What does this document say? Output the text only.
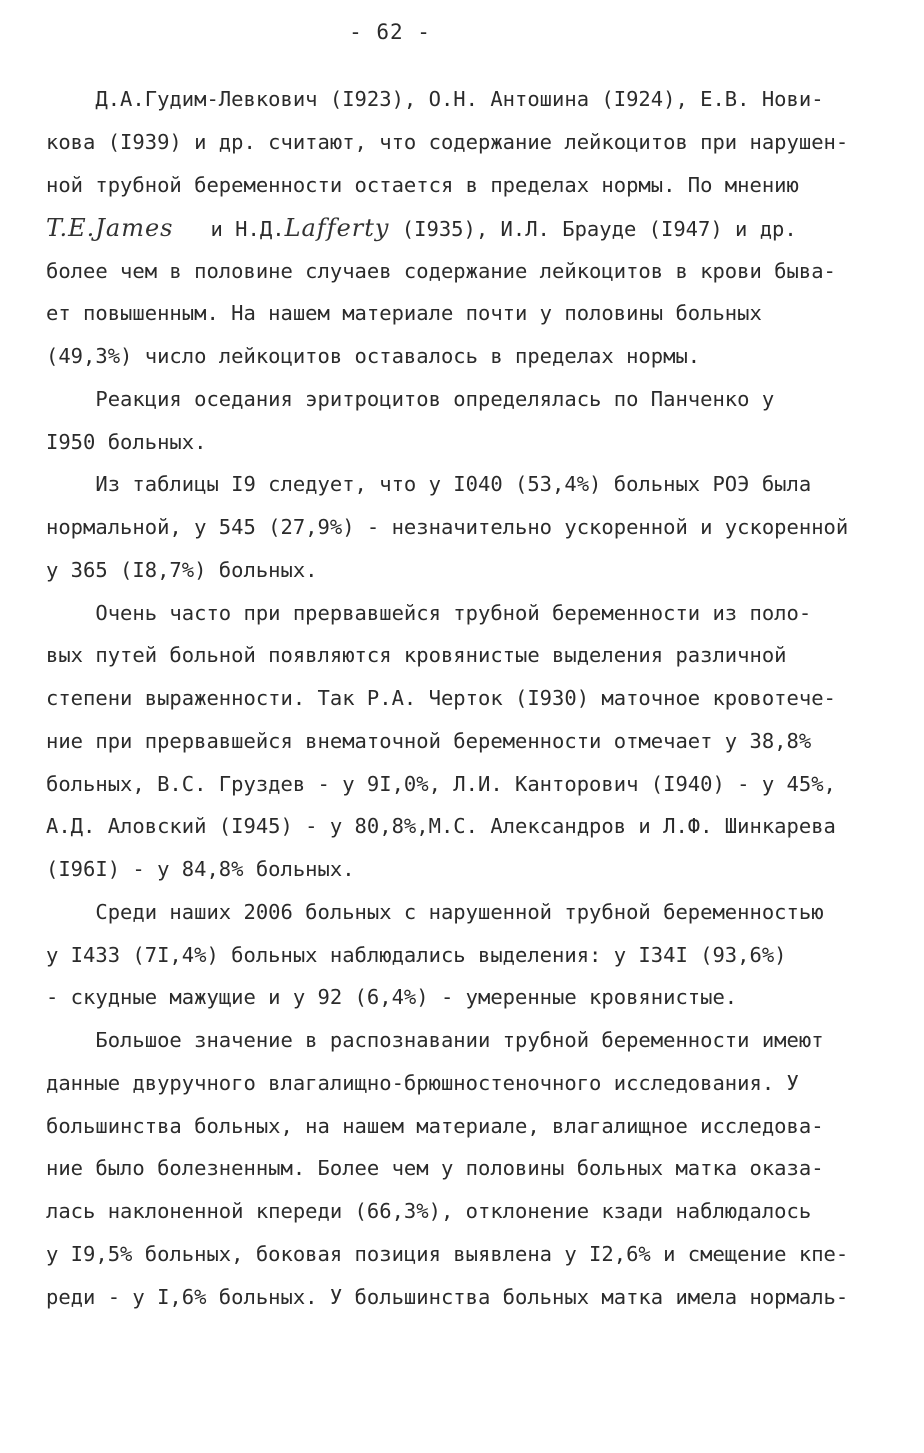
- 62 -
Д.А.Гудим-Левкович (I923), О.Н. Антошина (I924), Е.В. Нови-
кова (I939) и др. считают, что содержание лейкоцитов при нарушен-
ной трубной беременности остается в пределах нормы. По мнению
T.E.James   и Н.Д.Lafferty (I935), И.Л. Брауде (I947) и др.
более чем в половине случаев содержание лейкоцитов в крови быва-
ет повышенным. На нашем материале почти у половины больных
(49,3%) число лейкоцитов оставалось в пределах нормы.
Реакция оседания эритроцитов определялась по Панченко у
I950 больных.
Из таблицы I9 следует, что у I040 (53,4%) больных РОЭ была
нормальной, у 545 (27,9%) - незначительно ускоренной и ускоренной
у 365 (I8,7%) больных.
Очень часто при прервавшейся трубной беременности из поло-
вых путей больной появляются кровянистые выделения различной
степени выраженности. Так Р.А. Черток (I930) маточное кровотече-
ние при прервавшейся внематочной беременности отмечает у 38,8%
больных, В.С. Груздев - у 9I,0%, Л.И. Канторович (I940) - у 45%,
А.Д. Аловский (I945) - у 80,8%,М.С. Александров и Л.Ф. Шинкарева
(I96I) - у 84,8% больных.
Среди наших 2006 больных с нарушенной трубной беременностью
у I433 (7I,4%) больных наблюдались выделения: у I34I (93,6%)
- скудные мажущие и у 92 (6,4%) - умеренные кровянистые.
Большое значение в распознавании трубной беременности имеют
данные двуручного влагалищно-брюшностеночного исследования. У
большинства больных, на нашем материале, влагалищное исследова-
ние было болезненным. Более чем у половины больных матка оказа-
лась наклоненной кпереди (66,3%), отклонение кзади наблюдалось
у I9,5% больных, боковая позиция выявлена у I2,6% и смещение кпе-
реди - у I,6% больных. У большинства больных матка имела нормаль-
